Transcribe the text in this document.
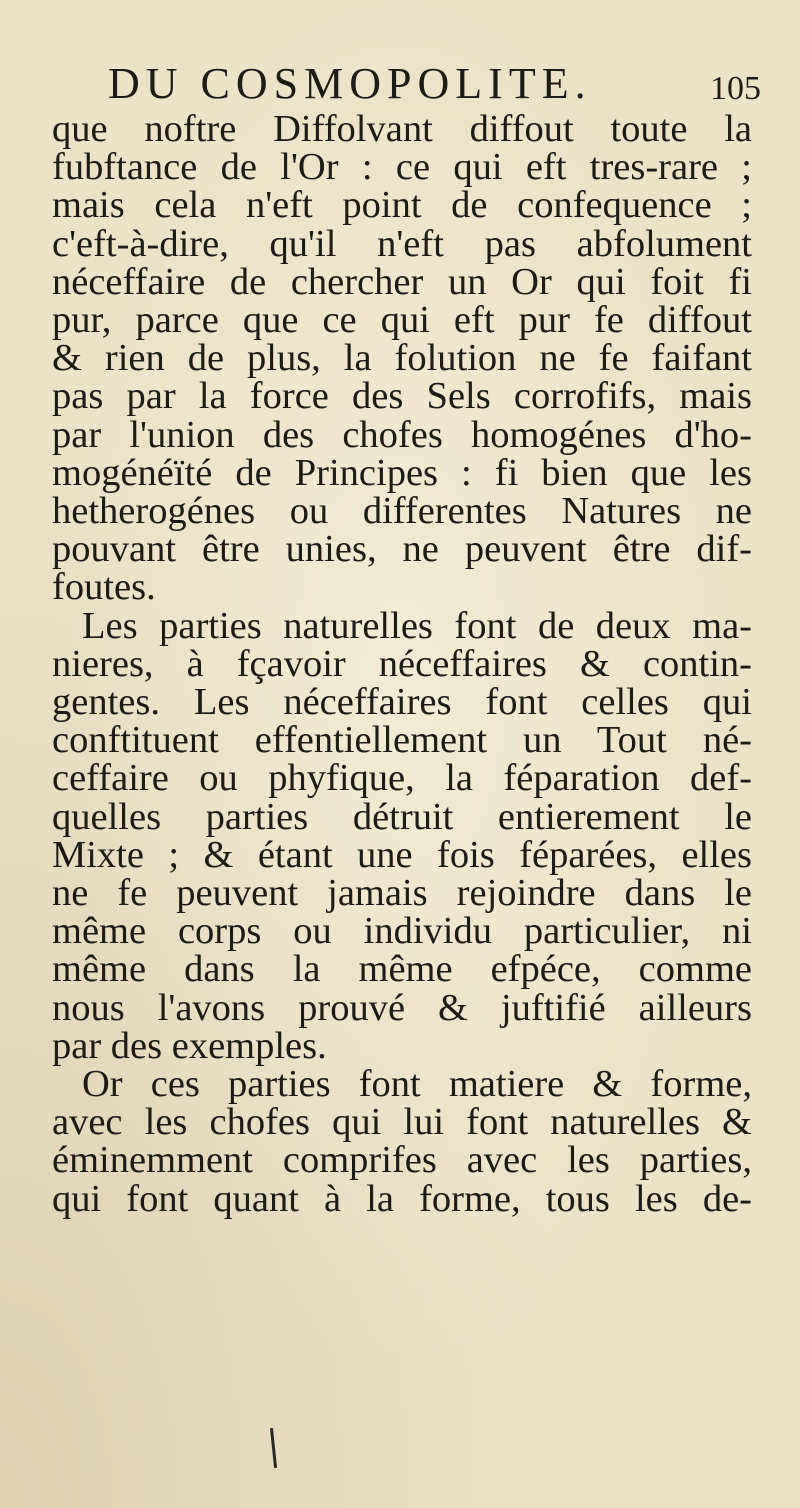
DU COSMOPOLITE.	105
que noftre Diffolvant diffout toute la
fubftance de l'Or : ce qui eft tres-rare ;
mais cela n'eft point de confequence ;
c'eft-à-dire, qu'il n'eft pas abfolument
néceffaire de chercher un Or qui foit fi
pur, parce que ce qui eft pur fe diffout
& rien de plus, la folution ne fe faifant
pas par la force des Sels corrofifs, mais
par l'union des chofes homogénes d'ho-
mogénéïté de Principes : fi bien que les
hetherogénes ou differentes Natures ne
pouvant être unies, ne peuvent être dif-
foutes.
Les parties naturelles font de deux ma-
nieres, à fçavoir néceffaires & contin-
gentes. Les néceffaires font celles qui
conftituent effentiellement un Tout né-
ceffaire ou phyfique, la féparation def-
quelles parties détruit entierement le
Mixte ; & étant une fois féparées, elles
ne fe peuvent jamais rejoindre dans le
même corps ou individu particulier, ni
même dans la même efpéce, comme
nous l'avons prouvé & juftifié ailleurs
par des exemples.
Or ces parties font matiere & forme,
avec les chofes qui lui font naturelles &
éminemment comprifes avec les parties,
qui font quant à la forme, tous les de-
